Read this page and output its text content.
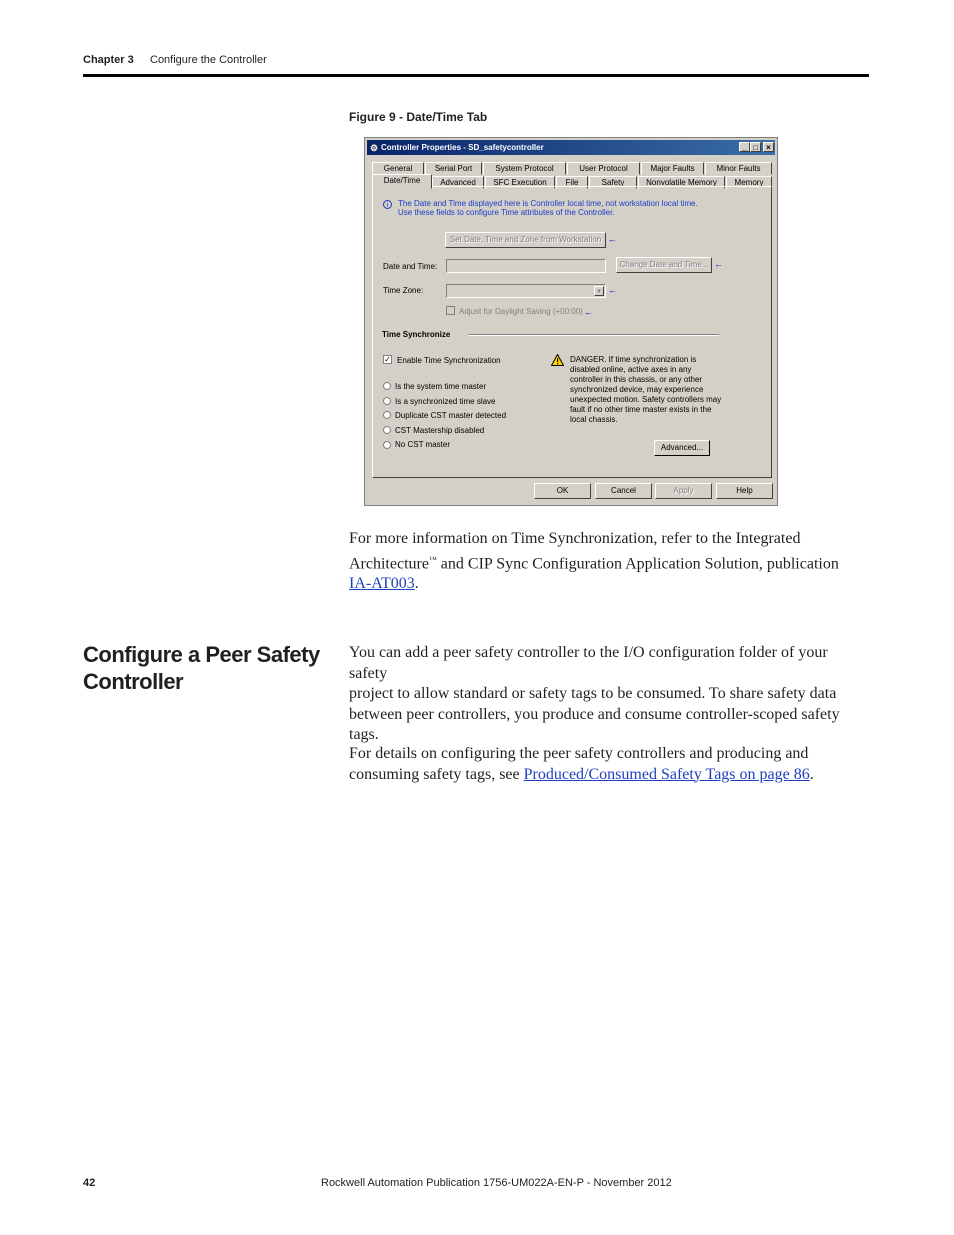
Chapter 3 Configure the Controller
Figure 9 - Date/Time Tab
⚙ Controller Properties - SD_safetycontroller	_ □	×
General	Serial Port	System Protocol	User Protocol	Major Faults	Minor Faults
Date/Time	Advanced	SFC Execution	File	Safety	Nonvolatile Memory	Memory
i	The Date and Time displayed here is Controller local time, not workstation local time.
Use these fields to configure Time attributes of the Controller.
Set Date, Time and Zone from Workstation ←
Date and Time:	Change Date and Time... ←
Time Zone:	▼ ←
Adjust for Daylight Saving (+00:00) ←
Time Synchronize
✓ Enable Time Synchronization
Is the system time master
Is a synchronized time slave
Duplicate CST master detected
CST Mastership disabled
No CST master
DANGER. If time synchronization is
disabled online, active axes in any
controller in this chassis, or any other
synchronized device, may experience
unexpected motion. Safety controllers may
fault if no other time master exists in the
local chassis.
Advanced...
OK	Cancel	Apply	Help
For more information on Time Synchronization, refer to the Integrated
Architecture™ and CIP Sync Configuration Application Solution, publication
IA-AT003.
Configure a Peer Safety Controller
You can add a peer safety controller to the I/O configuration folder of your safety
project to allow standard or safety tags to be consumed. To share safety data
between peer controllers, you produce and consume controller-scoped safety
tags.
For details on configuring the peer safety controllers and producing and
consuming safety tags, see Produced/Consumed Safety Tags on page 86.
42	Rockwell Automation Publication 1756-UM022A-EN-P - November 2012
